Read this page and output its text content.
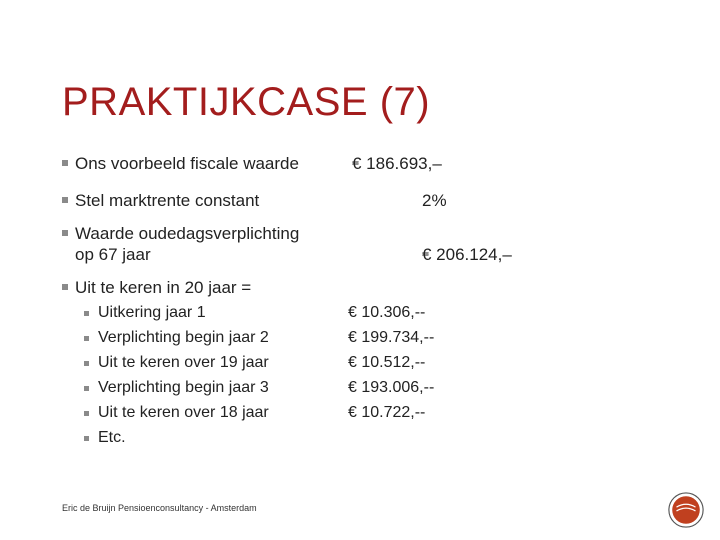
PRAKTIJKCASE (7)
Ons voorbeeld fiscale waarde	€ 186.693,–
Stel marktrente constant	2%
Waarde oudedagsverplichting
op 67 jaar	€ 206.124,–
Uit te keren in 20 jaar =
Uitkering jaar 1	€ 10.306,--
Verplichting begin jaar 2	€ 199.734,--
Uit te keren over 19 jaar	€ 10.512,--
Verplichting begin jaar 3	€ 193.006,--
Uit te keren over 18 jaar	€ 10.722,--
Etc.
Eric de Bruijn Pensioenconsultancy - Amsterdam
